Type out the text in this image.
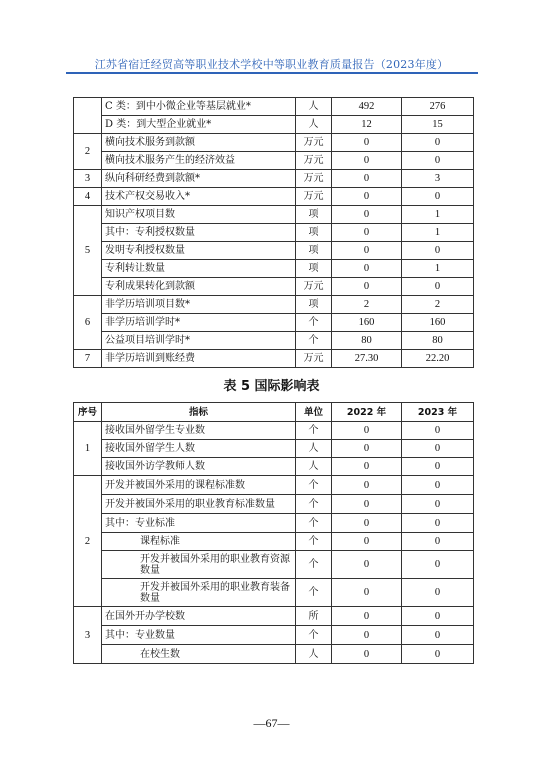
江苏省宿迁经贸高等职业技术学校中等职业教育质量报告（2023年度）
	C 类：到中小微企业等基层就业*	人	492	276
	D 类：到大型企业就业*	人	12	15
2	横向技术服务到款额	万元	0	0
	横向技术服务产生的经济效益	万元	0	0
3	纵向科研经费到款额*	万元	0	3
4	技术产权交易收入*	万元	0	0
5	知识产权项目数	项	0	1
	其中：专利授权数量	项	0	1
	发明专利授权数量	项	0	0
	专利转让数量	项	0	1
	专利成果转化到款额	万元	0	0
6	非学历培训项目数*	项	2	2
	非学历培训学时*	个	160	160
	公益项目培训学时*	个	80	80
7	非学历培训到账经费	万元	27.30	22.20
表 5 国际影响表
序号	指标	单位	2022 年	2023 年
1	接收国外留学生专业数	个	0	0
	接收国外留学生人数	人	0	0
	接收国外访学教师人数	人	0	0
2	开发并被国外采用的课程标准数	个	0	0
	开发并被国外采用的职业教育标准数量	个	0	0
	其中：专业标准	个	0	0
	课程标准	个	0	0
	开发并被国外采用的职业教育资源数量	个	0	0
	开发并被国外采用的职业教育装备数量	个	0	0
3	在国外开办学校数	所	0	0
	其中：专业数量	个	0	0
	在校生数	人	0	0
—67—
